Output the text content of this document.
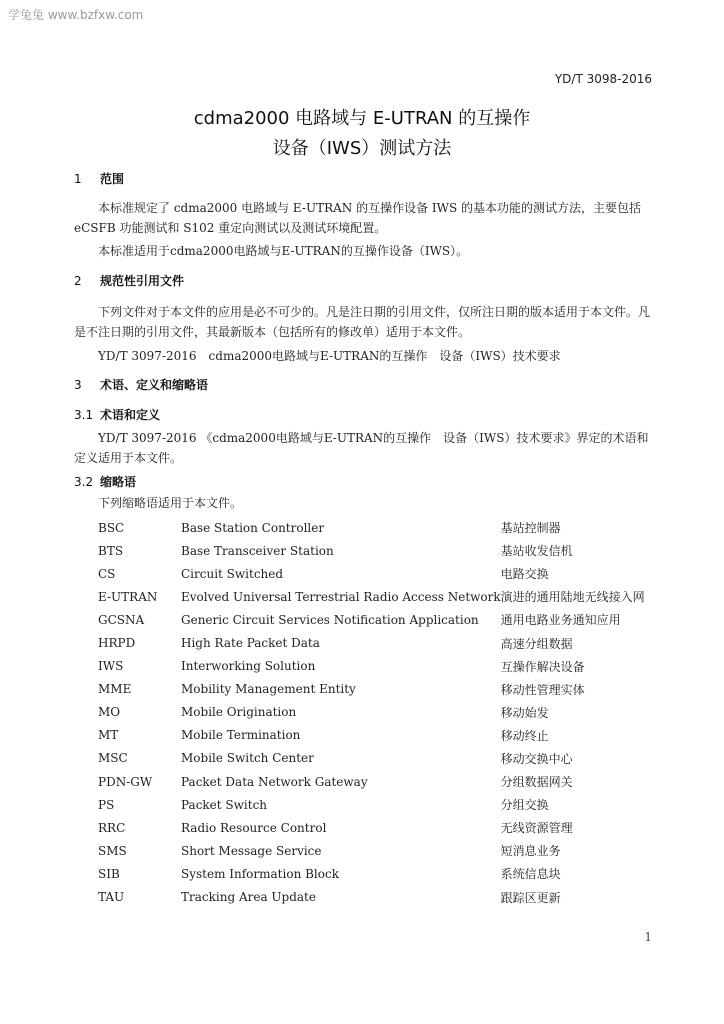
学兔兔 www.bzfxw.com
YD/T 3098-2016
cdma2000 电路域与 E-UTRAN 的互操作
设备（IWS）测试方法
1 范围
本标准规定了 cdma2000 电路域与 E-UTRAN 的互操作设备 IWS 的基本功能的测试方法，主要包括 eCSFB 功能测试和 S102 重定向测试以及测试环境配置。
本标准适用于cdma2000电路域与E-UTRAN的互操作设备（IWS）。
2 规范性引用文件
下列文件对于本文件的应用是必不可少的。凡是注日期的引用文件，仅所注日期的版本适用于本文件。凡是不注日期的引用文件，其最新版本（包括所有的修改单）适用于本文件。
YD/T 3097-2016　cdma2000电路域与E-UTRAN的互操作　设备（IWS）技术要求
3 术语、定义和缩略语
3.1 术语和定义
YD/T 3097-2016 《cdma2000电路域与E-UTRAN的互操作　设备（IWS）技术要求》界定的术语和定义适用于本文件。
3.2 缩略语
下列缩略语适用于本文件。
BSC	Base Station Controller	基站控制器
BTS	Base Transceiver Station	基站收发信机
CS	Circuit Switched	电路交换
E-UTRAN	Evolved Universal Terrestrial Radio Access Network	演进的通用陆地无线接入网
GCSNA	Generic Circuit Services Notification Application	通用电路业务通知应用
HRPD	High Rate Packet Data	高速分组数据
IWS	Interworking Solution	互操作解决设备
MME	Mobility Management Entity	移动性管理实体
MO	Mobile Origination	移动始发
MT	Mobile Termination	移动终止
MSC	Mobile Switch Center	移动交换中心
PDN-GW	Packet Data Network Gateway	分组数据网关
PS	Packet Switch	分组交换
RRC	Radio Resource Control	无线资源管理
SMS	Short Message Service	短消息业务
SIB	System Information Block	系统信息块
TAU	Tracking Area Update	跟踪区更新
1
